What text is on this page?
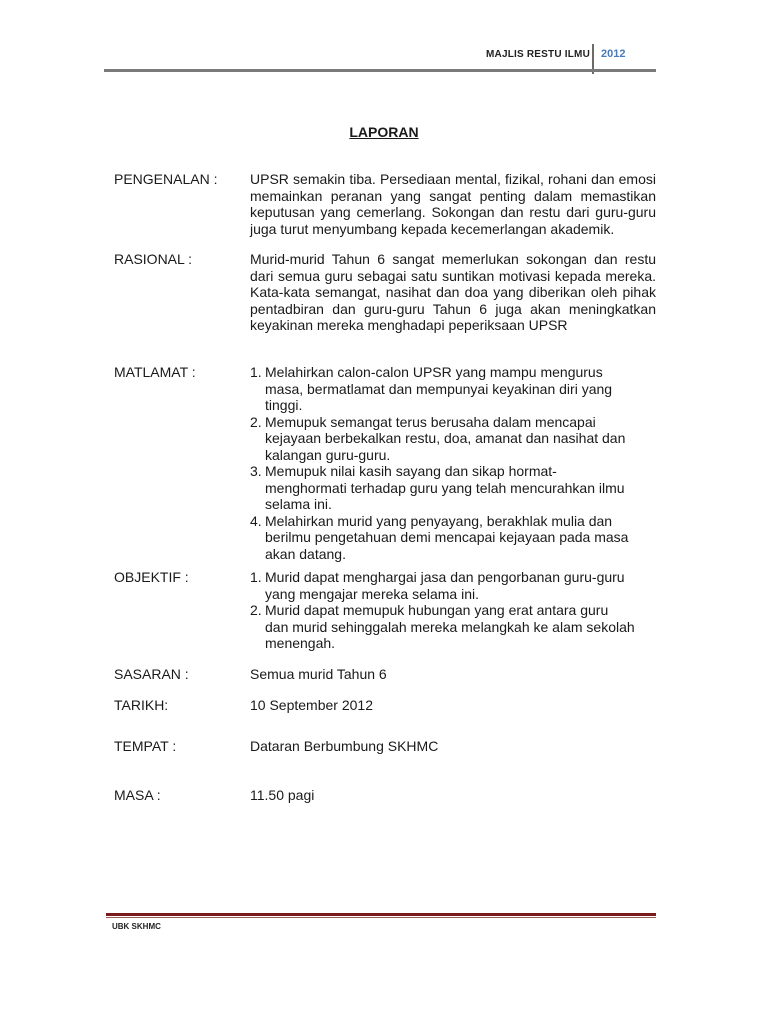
MAJLIS RESTU ILMU 2012
LAPORAN
PENGENALAN : UPSR semakin tiba. Persediaan mental, fizikal, rohani dan emosi memainkan peranan yang sangat penting dalam memastikan keputusan yang cemerlang. Sokongan dan restu dari guru-guru juga turut menyumbang kepada kecemerlangan akademik.
RASIONAL :	Murid-murid Tahun 6 sangat memerlukan sokongan dan restu dari semua guru sebagai satu suntikan motivasi kepada mereka. Kata-kata semangat, nasihat dan doa yang diberikan oleh pihak pentadbiran dan guru-guru Tahun 6 juga akan meningkatkan keyakinan mereka menghadapi peperiksaan UPSR
MATLAMAT :	1. Melahirkan calon-calon UPSR yang mampu mengurus masa, bermatlamat dan mempunyai keyakinan diri yang tinggi.
2. Memupuk semangat terus berusaha dalam mencapai kejayaan berbekalkan restu, doa, amanat dan nasihat dan kalangan guru-guru.
3. Memupuk nilai kasih sayang dan sikap hormat-menghormati terhadap guru yang telah mencurahkan ilmu selama ini.
4. Melahirkan murid yang penyayang, berakhlak mulia dan berilmu pengetahuan demi mencapai kejayaan pada masa akan datang.
OBJEKTIF :	1. Murid dapat menghargai jasa dan pengorbanan guru-guru yang mengajar mereka selama ini.
2. Murid dapat memupuk hubungan yang erat antara guru dan murid sehinggalah mereka melangkah ke alam sekolah menengah.
SASARAN :	Semua murid Tahun 6
TARIKH:	10 September 2012
TEMPAT :	Dataran Berbumbung SKHMC
MASA :	11.50 pagi
UBK SKHMC
